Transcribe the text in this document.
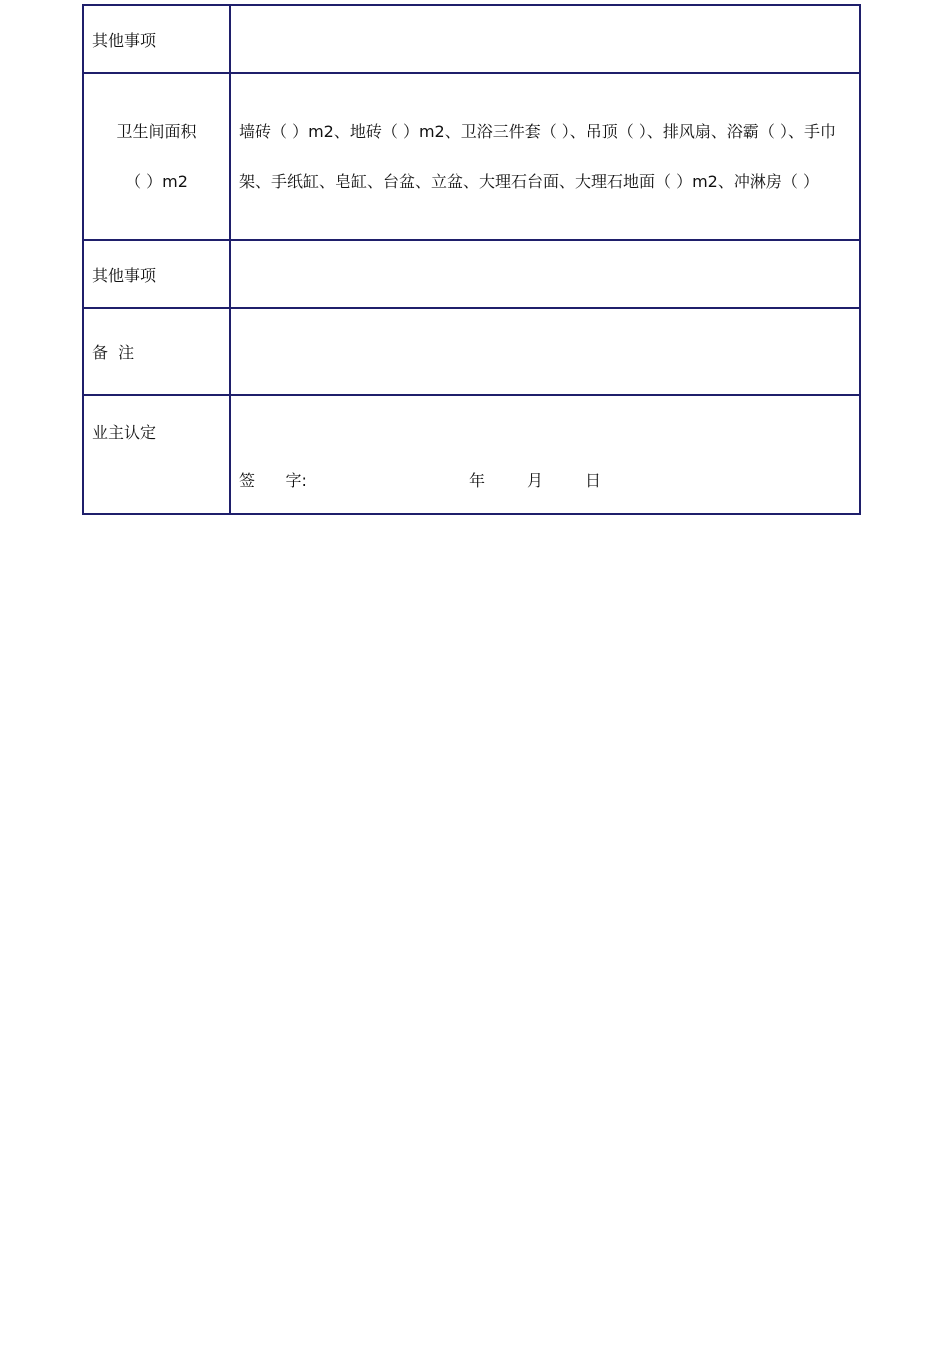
其他事项	

卫生间面积
（ ）m2	墙砖（ ）m2、地砖（ ）m2、卫浴三件套（ ）、吊顶（ ）、排风扇、浴霸（ ）、手巾架、手纸缸、皂缸、台盆、立盆、大理石台面、大理石地面（ ）m2、冲淋房（ ）
其他事项	
备  注	
业主认定	签      字: 年 月 日
